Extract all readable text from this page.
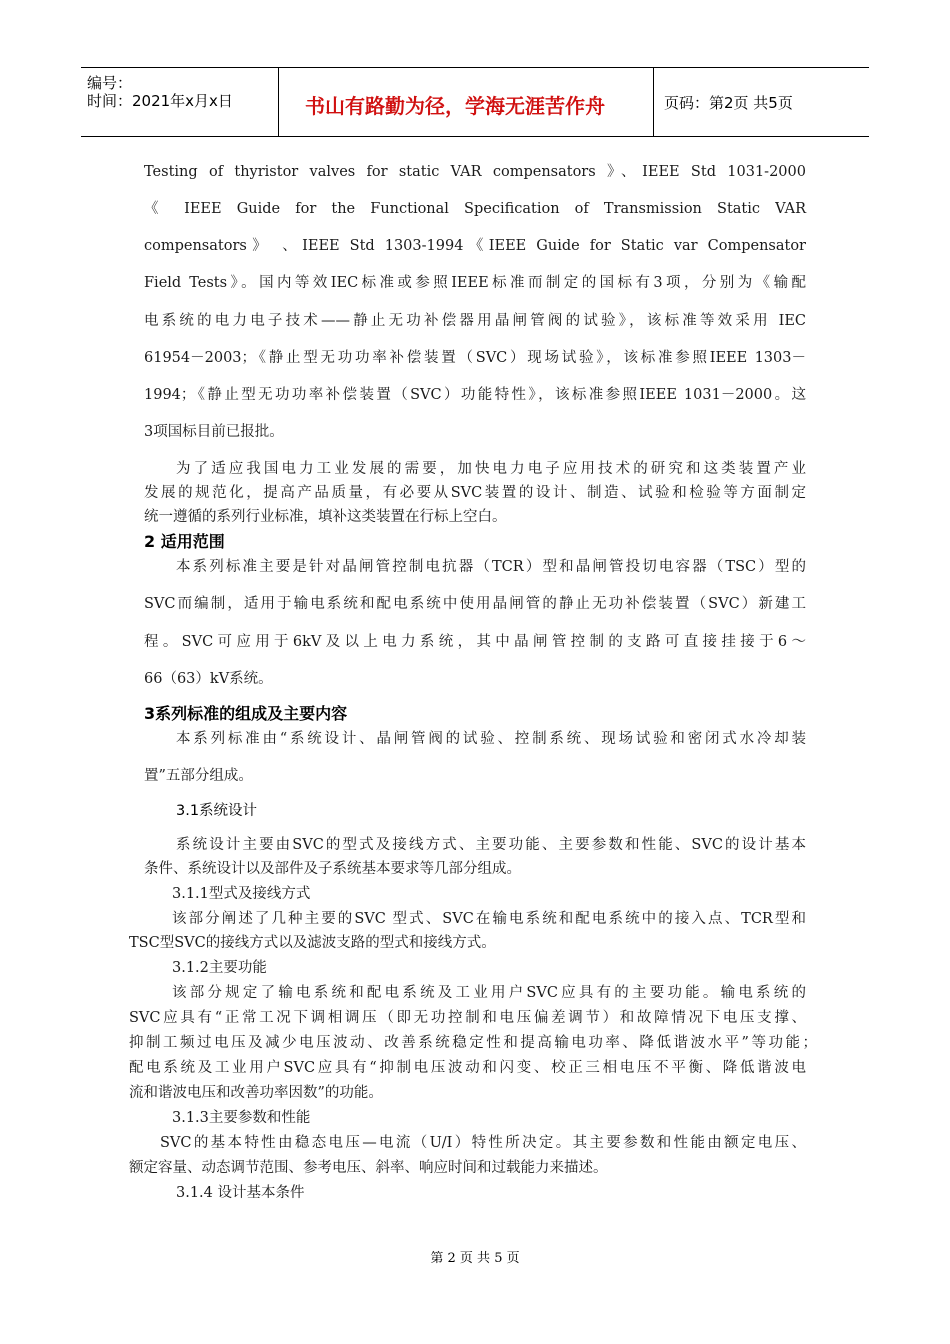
编号：
时间：2021年x月x日	书山有路勤为径，学海无涯苦作舟	页码：第2页 共5页
Testing of thyristor valves for static VAR compensators 》、IEEE Std 1031-2000
《 IEEE Guide for the Functional Specification of Transmission Static VAR
compensators》 、IEEE Std 1303-1994《IEEE Guide for Static var Compensator
Field Tests》。国内等效IEC标准或参照IEEE标准而制定的国标有3项，分别为《输配
电系统的电力电子技术——静止无功补偿器用晶闸管阀的试验》，该标准等效采用 IEC
61954－2003；《静止型无功功率补偿装置（SVC）现场试验》，该标准参照IEEE 1303－
1994；《静止型无功功率补偿装置（SVC）功能特性》，该标准参照IEEE 1031－2000。这
3项国标目前已报批。
为了适应我国电力工业发展的需要，加快电力电子应用技术的研究和这类装置产业
发展的规范化，提高产品质量，有必要从SVC装置的设计、制造、试验和检验等方面制定
统一遵循的系列行业标准，填补这类装置在行标上空白。
2 适用范围
本系列标准主要是针对晶闸管控制电抗器（TCR）型和晶闸管投切电容器（TSC）型的
SVC而编制，适用于输电系统和配电系统中使用晶闸管的静止无功补偿装置（SVC）新建工
程。SVC可应用于6kV及以上电力系统，其中晶闸管控制的支路可直接挂接于6～
66（63）kV系统。
3系列标准的组成及主要内容
本系列标准由“系统设计、晶闸管阀的试验、控制系统、现场试验和密闭式水冷却装
置”五部分组成。
3.1系统设计
系统设计主要由SVC的型式及接线方式、主要功能、主要参数和性能、SVC的设计基本
条件、系统设计以及部件及子系统基本要求等几部分组成。
3.1.1型式及接线方式
该部分阐述了几种主要的SVC 型式、SVC在输电系统和配电系统中的接入点、TCR型和
TSC型SVC的接线方式以及滤波支路的型式和接线方式。
3.1.2主要功能
该部分规定了输电系统和配电系统及工业用户SVC应具有的主要功能。输电系统的
SVC应具有“正常工况下调相调压（即无功控制和电压偏差调节）和故障情况下电压支撑、
抑制工频过电压及减少电压波动、改善系统稳定性和提高输电功率、降低谐波水平”等功能；
配电系统及工业用户SVC应具有“抑制电压波动和闪变、校正三相电压不平衡、降低谐波电
流和谐波电压和改善功率因数”的功能。
3.1.3主要参数和性能
SVC的基本特性由稳态电压—电流（U/I）特性所决定。其主要参数和性能由额定电压、
额定容量、动态调节范围、参考电压、斜率、响应时间和过载能力来描述。
3.1.4 设计基本条件
第 2 页 共 5 页
